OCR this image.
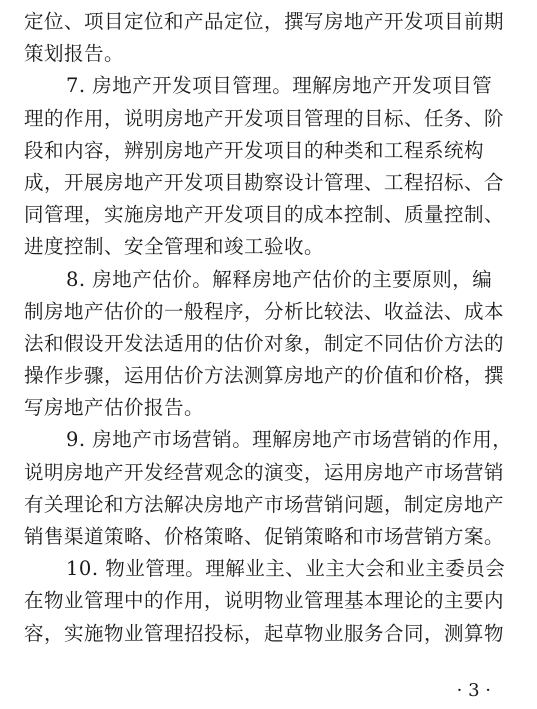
定位、项目定位和产品定位，撰写房地产开发项目前期
策划报告。
7. 房地产开发项目管理。理解房地产开发项目管
理的作用，说明房地产开发项目管理的目标、任务、阶
段和内容，辨别房地产开发项目的种类和工程系统构
成，开展房地产开发项目勘察设计管理、工程招标、合
同管理，实施房地产开发项目的成本控制、质量控制、
进度控制、安全管理和竣工验收。
8. 房地产估价。解释房地产估价的主要原则，编
制房地产估价的一般程序，分析比较法、收益法、成本
法和假设开发法适用的估价对象，制定不同估价方法的
操作步骤，运用估价方法测算房地产的价值和价格，撰
写房地产估价报告。
9. 房地产市场营销。理解房地产市场营销的作用，
说明房地产开发经营观念的演变，运用房地产市场营销
有关理论和方法解决房地产市场营销问题，制定房地产
销售渠道策略、价格策略、促销策略和市场营销方案。
10. 物业管理。理解业主、业主大会和业主委员会
在物业管理中的作用，说明物业管理基本理论的主要内
容，实施物业管理招投标，起草物业服务合同，测算物
· 3 ·
